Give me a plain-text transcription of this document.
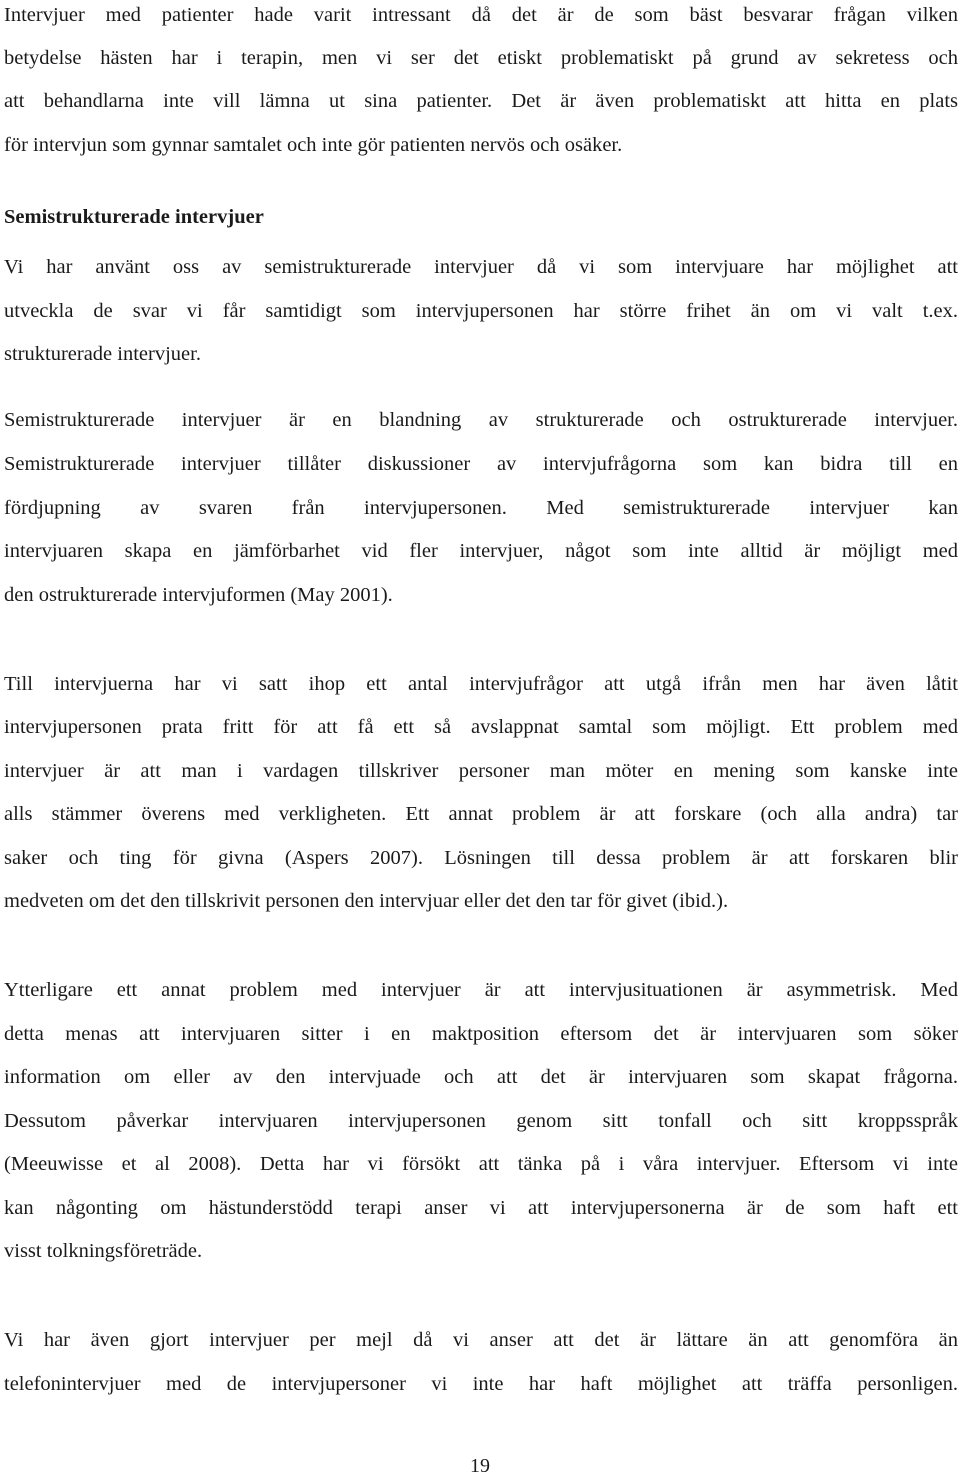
Intervjuer med patienter hade varit intressant då det är de som bäst besvarar frågan vilken
betydelse hästen har i terapin, men vi ser det etiskt problematiskt på grund av sekretess och
att behandlarna inte vill lämna ut sina patienter. Det är även problematiskt att hitta en plats
för intervjun som gynnar samtalet och inte gör patienten nervös och osäker.
Semistrukturerade intervjuer
Vi har använt oss av semistrukturerade intervjuer då vi som intervjuare har möjlighet att
utveckla de svar vi får samtidigt som intervjupersonen har större frihet än om vi valt t.ex.
strukturerade intervjuer.
Semistrukturerade intervjuer är en blandning av strukturerade och ostrukturerade intervjuer.
Semistrukturerade intervjuer tillåter diskussioner av intervjufrågorna som kan bidra till en
fördjupning av svaren från intervjupersonen. Med semistrukturerade intervjuer kan
intervjuaren skapa en jämförbarhet vid fler intervjuer, något som inte alltid är möjligt med
den ostrukturerade intervjuformen (May 2001).
Till intervjuerna har vi satt ihop ett antal intervjufrågor att utgå ifrån men har även låtit
intervjupersonen prata fritt för att få ett så avslappnat samtal som möjligt. Ett problem med
intervjuer är att man i vardagen tillskriver personer man möter en mening som kanske inte
alls stämmer överens med verkligheten. Ett annat problem är att forskare (och alla andra) tar
saker och ting för givna (Aspers 2007). Lösningen till dessa problem är att forskaren blir
medveten om det den tillskrivit personen den intervjuar eller det den tar för givet (ibid.).
Ytterligare ett annat problem med intervjuer är att intervjusituationen är asymmetrisk. Med
detta menas att intervjuaren sitter i en maktposition eftersom det är intervjuaren som söker
information om eller av den intervjuade och att det är intervjuaren som skapat frågorna.
Dessutom påverkar intervjuaren intervjupersonen genom sitt tonfall och sitt kroppsspråk
(Meeuwisse et al 2008). Detta har vi försökt att tänka på i våra intervjuer. Eftersom vi inte
kan någonting om hästunderstödd terapi anser vi att intervjupersonerna är de som haft ett
visst tolkningsföreträde.
Vi har även gjort intervjuer per mejl då vi anser att det är lättare än att genomföra än
telefonintervjuer med de intervjupersoner vi inte har haft möjlighet att träffa personligen.
19
